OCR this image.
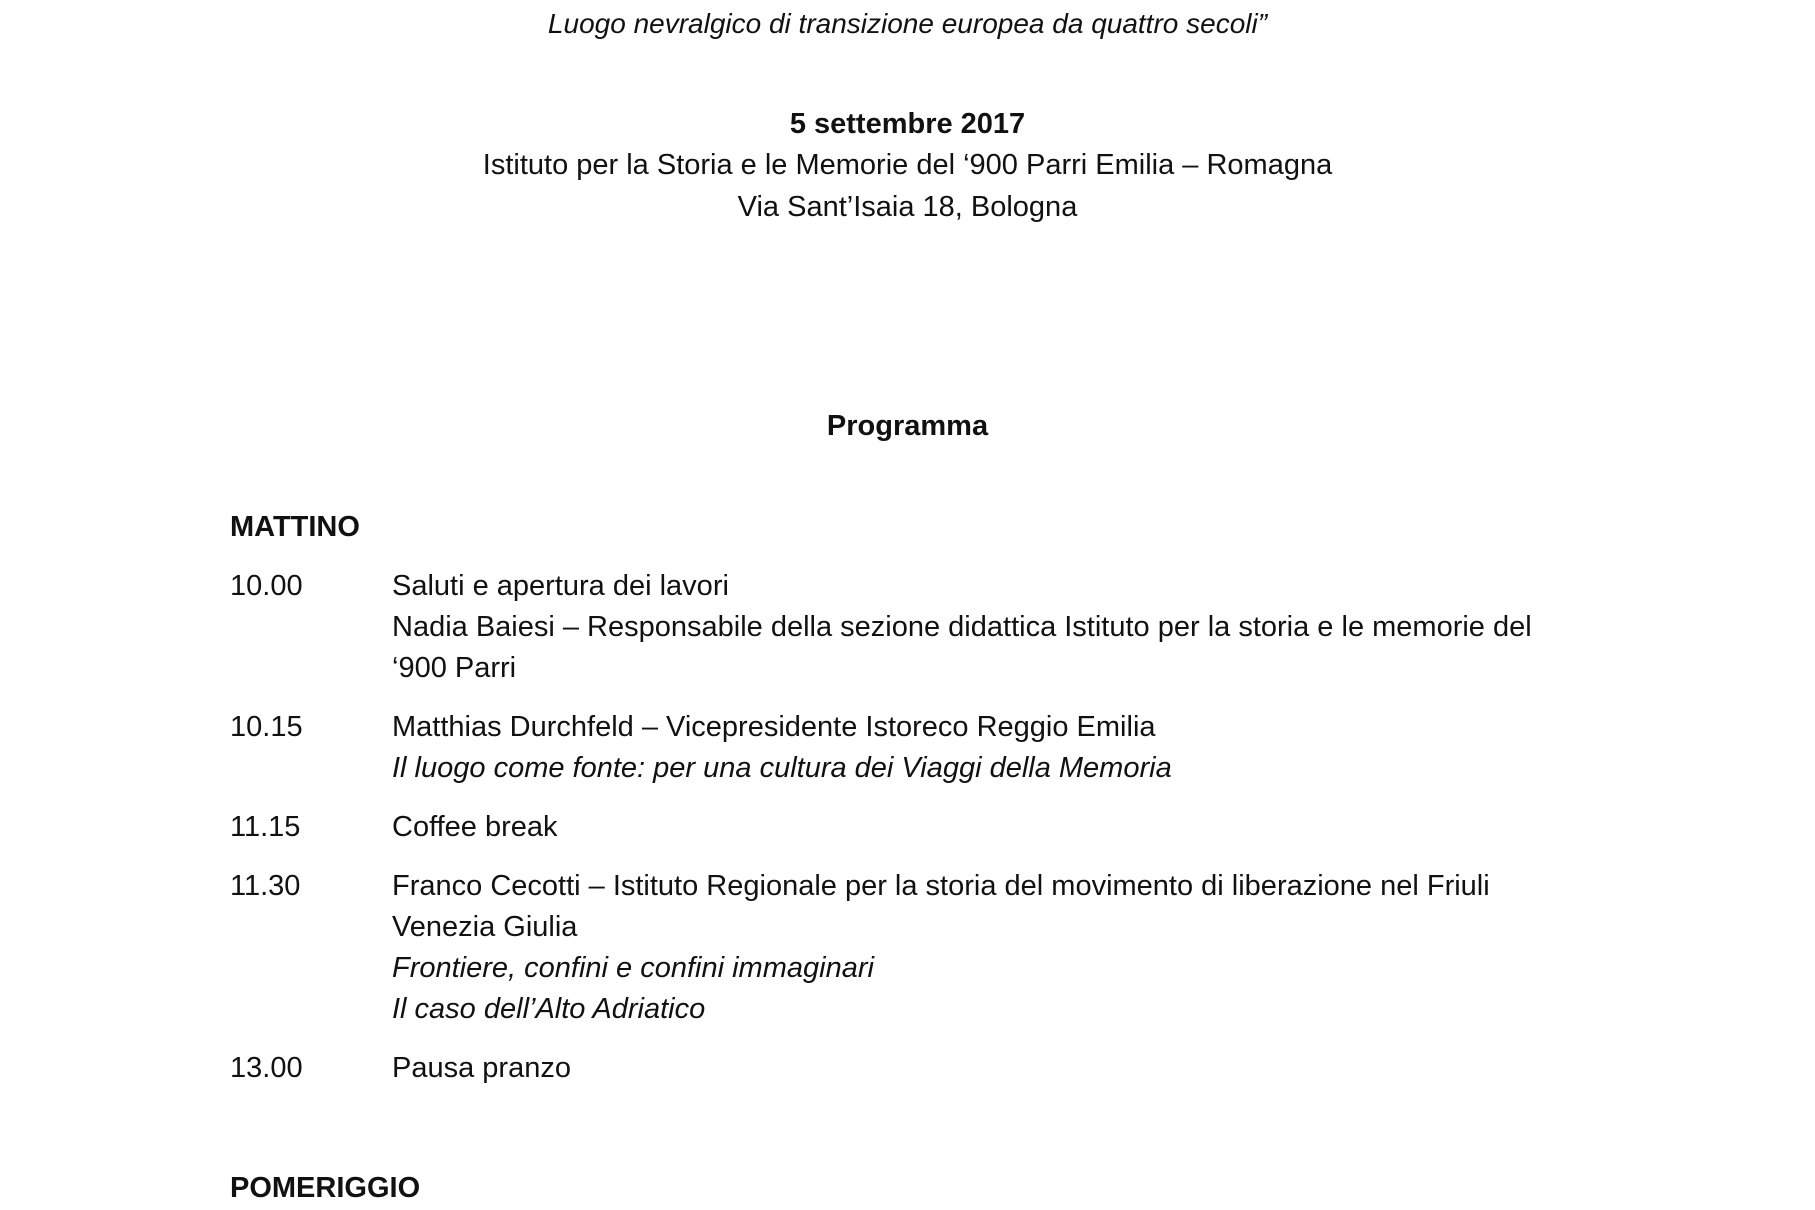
Luogo nevralgico di transizione europea da quattro secoli”
5 settembre 2017
Istituto per la Storia e le Memorie del ‘900 Parri Emilia – Romagna
Via Sant’Isaia 18, Bologna
Programma
MATTINO
10.00	Saluti e apertura dei lavori
Nadia Baiesi – Responsabile della sezione didattica Istituto per la storia e le memorie del
‘900 Parri
10.15	Matthias Durchfeld – Vicepresidente Istoreco Reggio Emilia
Il luogo come fonte: per una cultura dei Viaggi della Memoria
11.15	Coffee break
11.30	Franco Cecotti – Istituto Regionale per la storia del movimento di liberazione nel Friuli
Venezia Giulia
Frontiere, confini e confini immaginari
Il caso dell’Alto Adriatico
13.00	Pausa pranzo
POMERIGGIO
